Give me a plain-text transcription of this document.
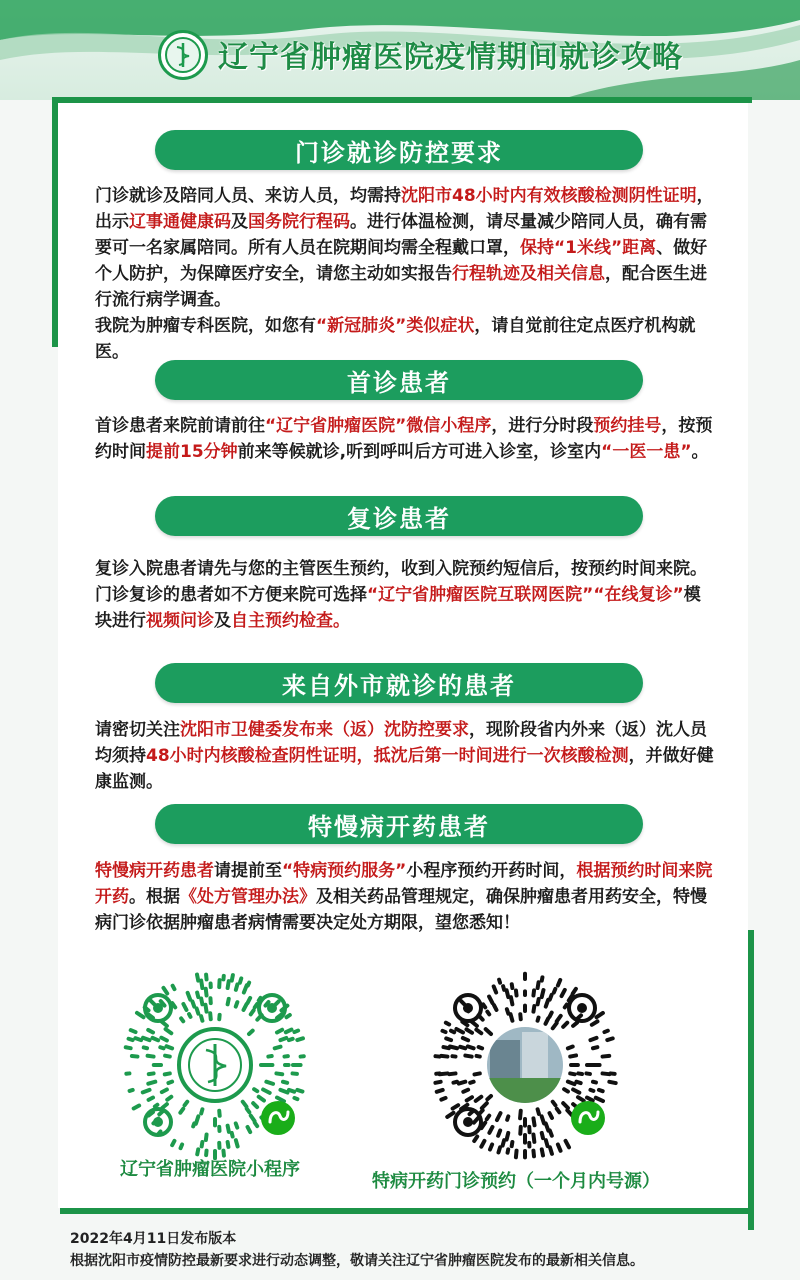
辽宁省肿瘤医院疫情期间就诊攻略
门诊就诊防控要求

门诊就诊及陪同人员、来访人员，均需持沈阳市48小时内有效核酸检测阴性证明，出示辽事通健康码及国务院行程码。进行体温检测，请尽量减少陪同人员，确有需要可一名家属陪同。所有人员在院期间均需全程戴口罩，保持“1米线”距离、做好个人防护，为保障医疗安全，请您主动如实报告行程轨迹及相关信息，配合医生进行流行病学调查。

我院为肿瘤专科医院，如您有“新冠肺炎”类似症状，请自觉前往定点医疗机构就医。

首诊患者

首诊患者来院前请前往“辽宁省肿瘤医院”微信小程序，进行分时段预约挂号，按预约时间提前15分钟前来等候就诊,听到呼叫后方可进入诊室，诊室内“一医一患”。

复诊患者

复诊入院患者请先与您的主管医生预约，收到入院预约短信后，按预约时间来院。

门诊复诊的患者如不方便来院可选择“辽宁省肿瘤医院互联网医院”“在线复诊”模块进行视频问诊及自主预约检查。

来自外市就诊的患者

请密切关注沈阳市卫健委发布来（返）沈防控要求，现阶段省内外来（返）沈人员均须持48小时内核酸检查阴性证明，抵沈后第一时间进行一次核酸检测，并做好健康监测。

特慢病开药患者

特慢病开药患者请提前至“特病预约服务”小程序预约开药时间，根据预约时间来院开药。根据《处方管理办法》及相关药品管理规定，确保肿瘤患者用药安全，特慢病门诊依据肿瘤患者病情需要决定处方期限，望您悉知！

辽宁省肿瘤医院小程序
特病开药门诊预约（一个月内号源）
2022年4月11日发布版本
根据沈阳市疫情防控最新要求进行动态调整，敬请关注辽宁省肿瘤医院发布的最新相关信息。
